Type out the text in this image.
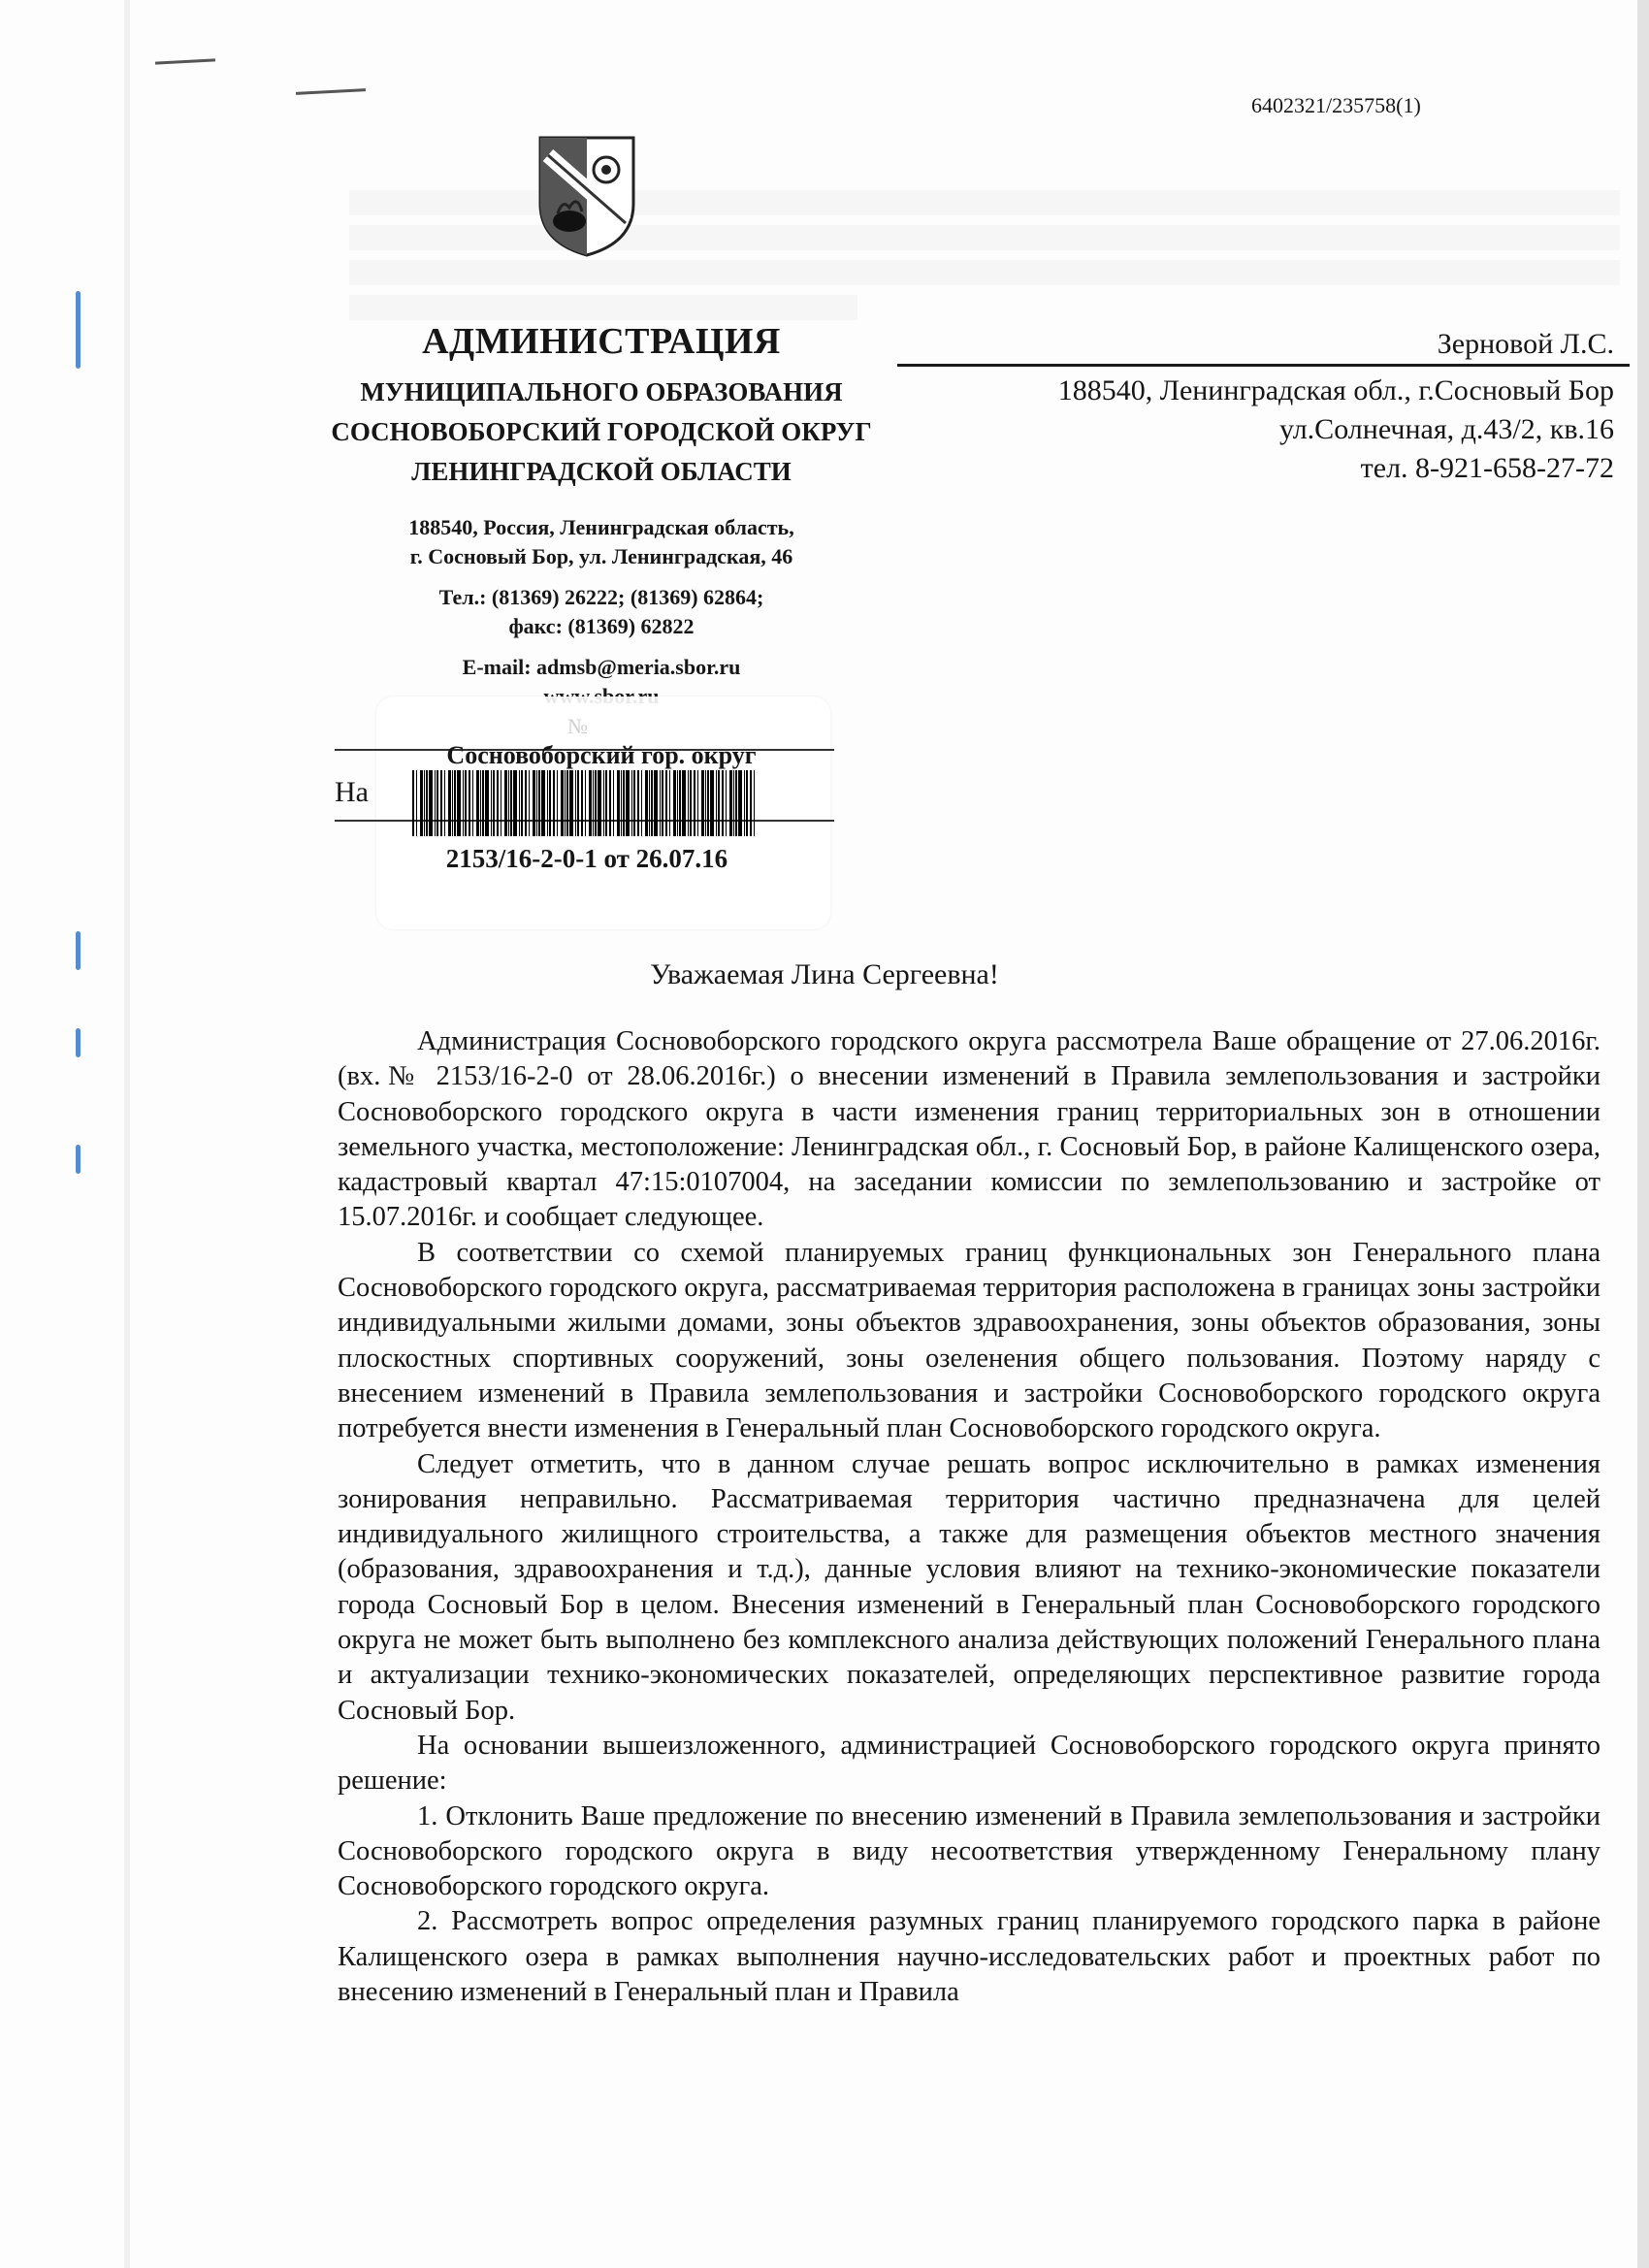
6402321/235758(1)
АДМИНИСТРАЦИЯ
МУНИЦИПАЛЬНОГО ОБРАЗОВАНИЯ
СОСНОВОБОРСКИЙ ГОРОДСКОЙ ОКРУГ
ЛЕНИНГРАДСКОЙ ОБЛАСТИ
188540, Россия, Ленинградская область,
г. Сосновый Бор, ул. Ленинградская, 46
Тел.: (81369) 26222; (81369) 62864;
факс: (81369) 62822
E-mail: admsb@meria.sbor.ru
Зерновой Л.С.
188540, Ленинградская обл., г.Сосновый Бор
ул.Солнечная, д.43/2, кв.16
тел. 8-921-658-27-72
№
На
Сосновоборский гор. округ
2153/16-2-0-1 от 26.07.16
Уважаемая Лина Сергеевна!

Администрация Сосновоборского городского округа рассмотрела Ваше обращение от 27.06.2016г. (вх.№ 2153/16-2-0 от 28.06.2016г.) о внесении изменений в Правила землепользования и застройки Сосновоборского городского округа в части изменения границ территориальных зон в отношении земельного участка, местоположение: Ленинградская обл., г. Сосновый Бор, в районе Калищенского озера, кадастровый квартал 47:15:0107004, на заседании комиссии по землепользованию и застройке от 15.07.2016г. и сообщает следующее.

В соответствии со схемой планируемых границ функциональных зон Генерального плана Сосновоборского городского округа, рассматриваемая территория расположена в границах зоны застройки индивидуальными жилыми домами, зоны объектов здравоохранения, зоны объектов образования, зоны плоскостных спортивных сооружений, зоны озеленения общего пользования. Поэтому наряду с внесением изменений в Правила землепользования и застройки Сосновоборского городского округа потребуется внести изменения в Генеральный план Сосновоборского городского округа.

Следует отметить, что в данном случае решать вопрос исключительно в рамках изменения зонирования неправильно. Рассматриваемая территория частично предназначена для целей индивидуального жилищного строительства, а также для размещения объектов местного значения (образования, здравоохранения и т.д.), данные условия влияют на технико-экономические показатели города Сосновый Бор в целом. Внесения изменений в Генеральный план Сосновоборского городского округа не может быть выполнено без комплексного анализа действующих положений Генерального плана и актуализации технико-экономических показателей, определяющих перспективное развитие города Сосновый Бор.

На основании вышеизложенного, администрацией Сосновоборского городского округа принято решение:

1. Отклонить Ваше предложение по внесению изменений в Правила землепользования и застройки Сосновоборского городского округа в виду несоответствия утвержденному Генеральному плану Сосновоборского городского округа.

2. Рассмотреть вопрос определения разумных границ планируемого городского парка в районе Калищенского озера в рамках выполнения научно-исследовательских работ и проектных работ по внесению изменений в Генеральный план и Правила
